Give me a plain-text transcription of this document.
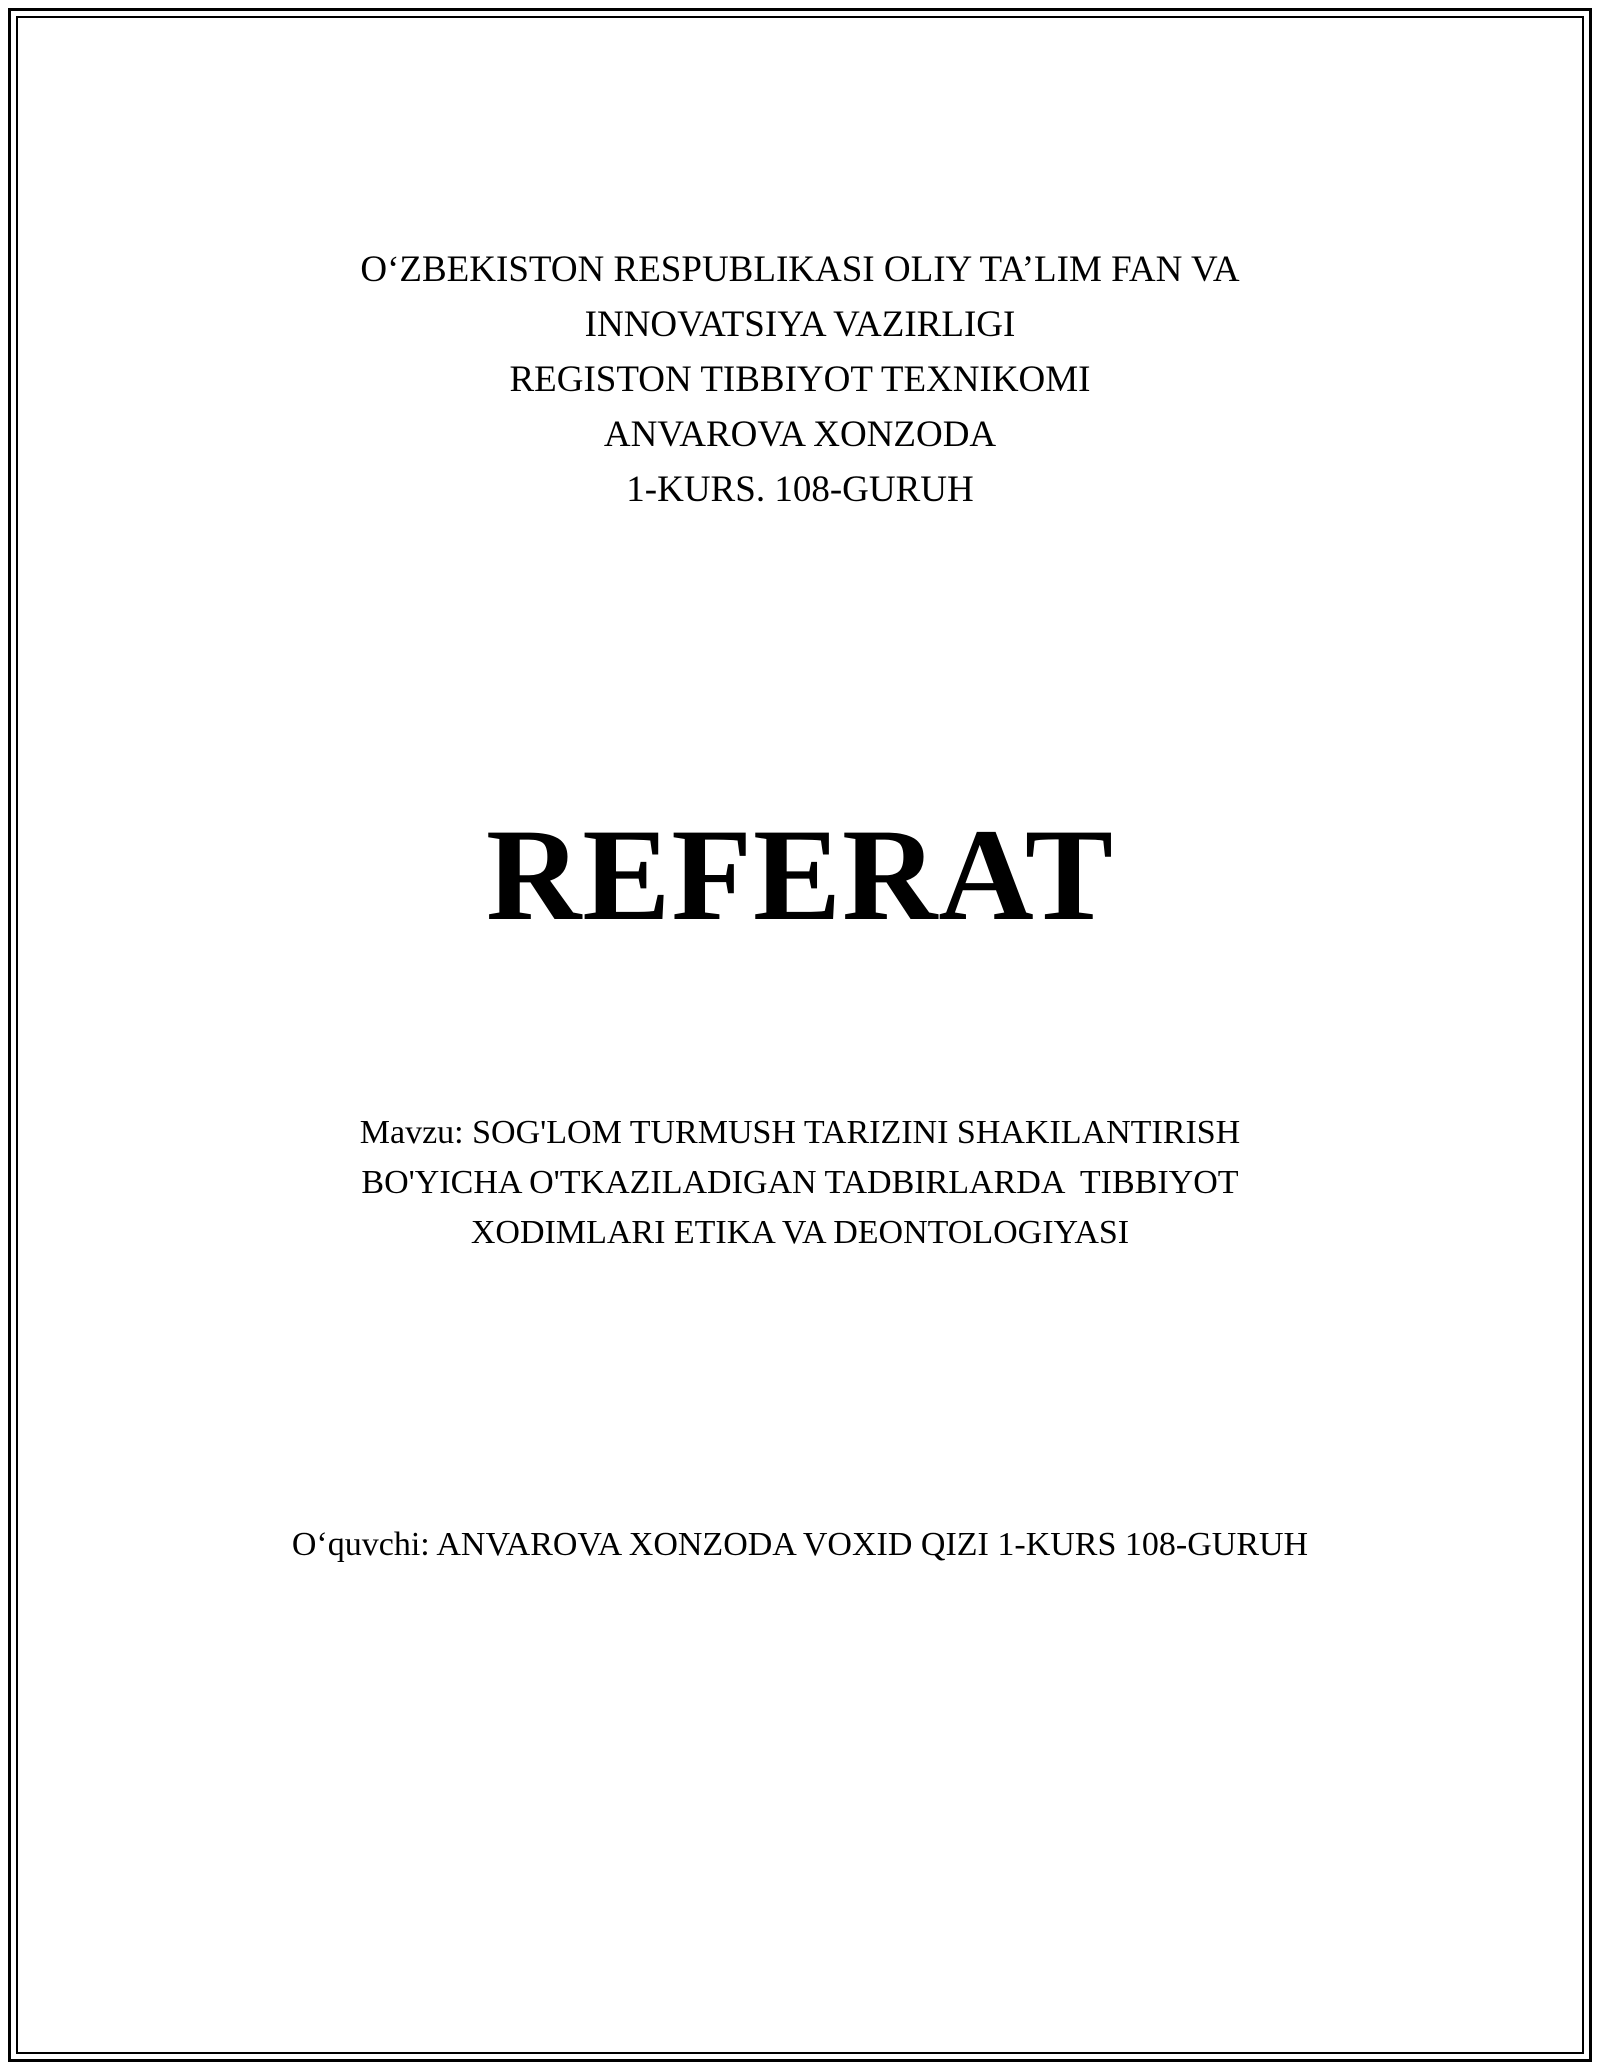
O‘ZBEKISTON RESPUBLIKASI OLIY TA’LIM FAN VA
INNOVATSIYA VAZIRLIGI
REGISTON TIBBIYOT TEXNIKOMI
ANVAROVA XONZODA
1-KURS. 108-GURUH
REFERAT
Mavzu: SOG'LOM TURMUSH TARIZINI SHAKILANTIRISH
BO'YICHA O'TKAZILADIGAN TADBIRLARDA  TIBBIYOT
XODIMLARI ETIKA VA DEONTOLOGIYASI
O‘quvchi: ANVAROVA XONZODA VOXID QIZI 1-KURS 108-GURUH
